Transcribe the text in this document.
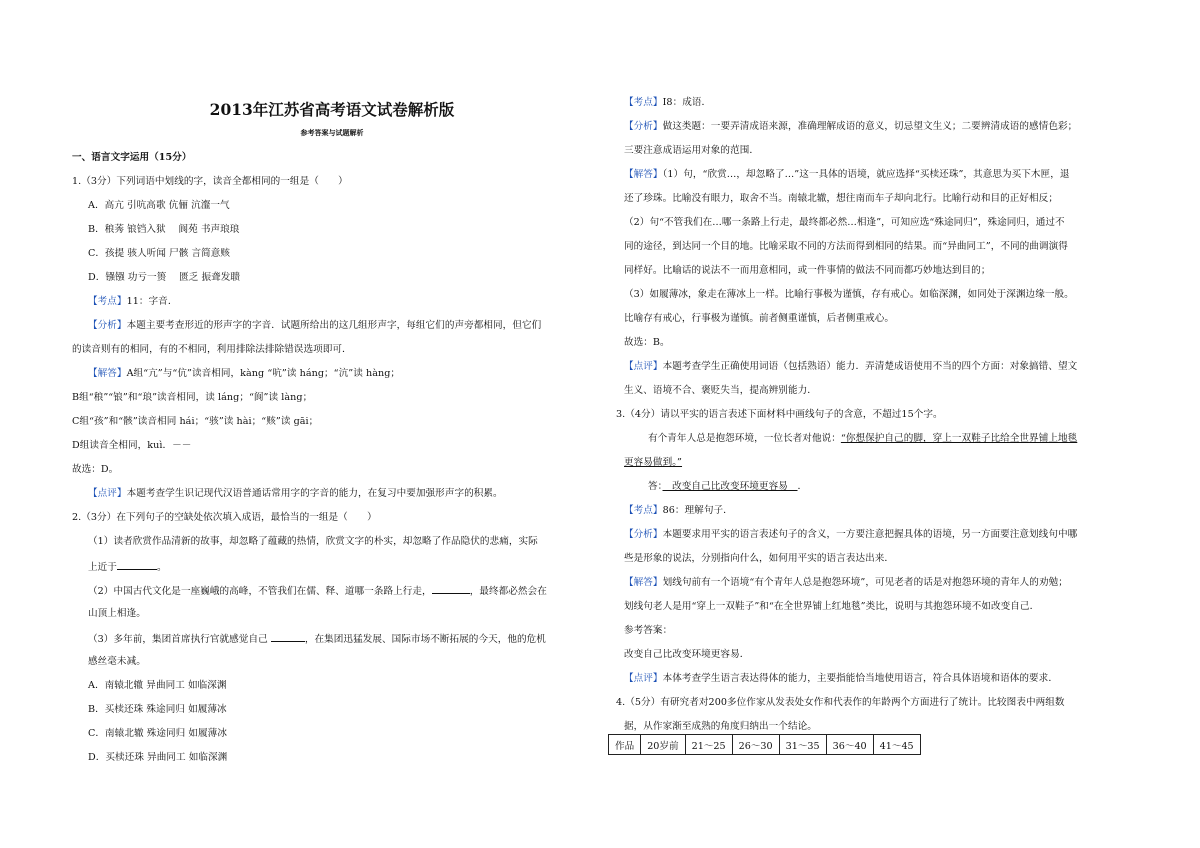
2013年江苏省高考语文试卷解析版
参考答案与试题解析
一、语言文字运用（15分）
1.（3分）下列词语中划线的字，读音全都相同的一组是（　　）
A．高亢 引吭高歌 伉俪 沆瀣一气
B．稂莠 锒铛入狱　 阆苑 书声琅琅
C．孩提 骇人听闻 尸骸 言简意赅
D．镪镪 功亏一篑　 匮乏 振聋发聩
【考点】11：字音．
【分析】本题主要考查形近的形声字的字音．试题所给出的这几组形声字，每组它们的声旁都相同，但它们
的读音则有的相同，有的不相同，利用排除法排除错误选项即可．
【解答】A组“亢”与“伉”读音相同，kàng “吭”读 háng；“沆”读 hàng；
B组“稂”“锒”和“琅”读音相同，读 láng；“阆”读 làng；
C组“孩”和“骸”读音相同 hái；“骇”读 hài；“赅”读 gāi；
D组读音全相同，kuì．－－
故选：D。
【点评】本题考查学生识记现代汉语普通话常用字的字音的能力，在复习中要加强形声字的积累。
2.（3分）在下列句子的空缺处依次填入成语，最恰当的一组是（　　）
（1）读者欣赏作品清新的故事，却忽略了蕴藏的热情，欣赏文字的朴实，却忽略了作品隐伏的悲痛，实际
上近于	。
（2）中国古代文化是一座巍峨的高峰，不管我们在儒、释、道哪一条路上行走，	，最终都必然会在
山顶上相逢。
（3）多年前，集团首席执行官就感觉自己	，在集团迅猛发展、国际市场不断拓展的今天，他的危机
感丝毫未减。
A．南辕北辙 异曲同工 如临深渊
B．买椟还珠 殊途同归 如履薄冰
C．南辕北辙 殊途同归 如履薄冰
D．买椟还珠 异曲同工 如临深渊
【考点】I8：成语．
【分析】做这类题：一要弄清成语来源，准确理解成语的意义，切忌望文生义；二要辨清成语的感情色彩；
三要注意成语运用对象的范围．
【解答】（1）句，“欣赏…，却忽略了…”这一具体的语境，就应选择“买椟还珠”，其意思为买下木匣，退
还了珍珠。比喻没有眼力，取舍不当。南辕北辙，想往南而车子却向北行。比喻行动和目的正好相反；
（2）句“不管我们在…哪一条路上行走，最终都必然…相逢”，可知应选“殊途同归”，殊途同归，通过不
同的途径，到达同一个目的地。比喻采取不同的方法而得到相同的结果。而“异曲同工”，不同的曲调演得
同样好。比喻话的说法不一而用意相同，或一件事情的做法不同而都巧妙地达到目的；
（3）如履薄冰，象走在薄冰上一样。比喻行事极为谨慎，存有戒心。如临深渊，如同处于深渊边缘一般。
比喻存有戒心，行事极为谨慎。前者侧重谨慎，后者侧重戒心。
故选：B。
【点评】本题考查学生正确使用词语（包括熟语）能力．弄清楚成语使用不当的四个方面：对象搞错、望文
生义、语境不合、褒贬失当，提高辨别能力．
3.（4分）请以平实的语言表述下面材料中画线句子的含意，不超过15个字。
有个青年人总是抱怨环境，一位长者对他说：“你想保护自己的脚，穿上一双鞋子比给全世界铺上地毯
更容易做到。”
答：　改变自己比改变环境更容易　．
【考点】86：理解句子．
【分析】本题要求用平实的语言表述句子的含义，一方要注意把握具体的语境，另一方面要注意划线句中哪
些是形象的说法，分别指向什么，如何用平实的语言表达出来．
【解答】划线句前有一个语境“有个青年人总是抱怨环境”，可见老者的话是对抱怨环境的青年人的劝勉；
划线句老人是用“穿上一双鞋子”和“在全世界铺上红地毯”类比，说明与其抱怨环境不如改变自己．
参考答案：
改变自己比改变环境更容易．
【点评】本体考查学生语言表达得体的能力，主要指能恰当地使用语言，符合具体语境和语体的要求．
4.（5分）有研究者对200多位作家从发表处女作和代表作的年龄两个方面进行了统计。比较图表中两组数
据，从作家渐至成熟的角度归纳出一个结论。
作品	20岁前	21～25	26～30	31～35	36～40	41～45
